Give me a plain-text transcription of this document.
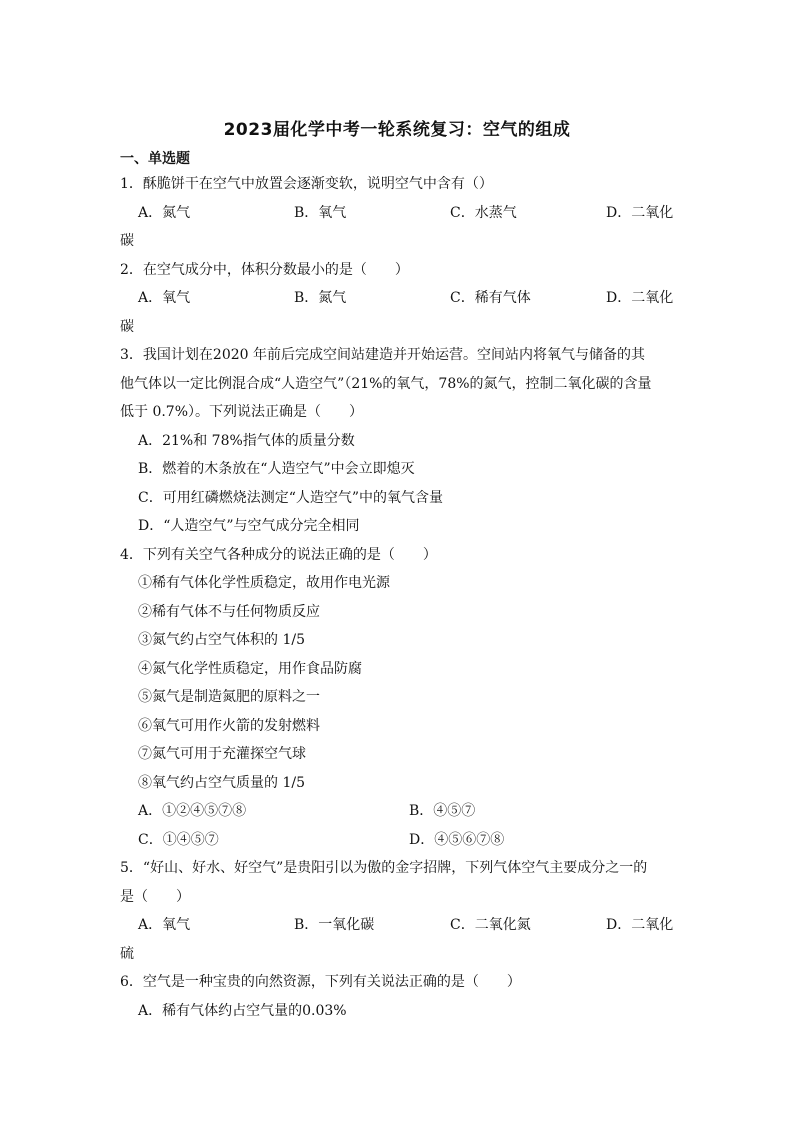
2023届化学中考一轮系统复习：空气的组成
一、单选题
1．酥脆饼干在空气中放置会逐渐变软，说明空气中含有（）
A．氮气	B．氧气	C．水蒸气	D．二氧化
碳
2．在空气成分中，体积分数最小的是（　　）
A．氧气	B．氮气	C．稀有气体	D．二氧化
碳
3．我国计划在2020 年前后完成空间站建造并开始运营。空间站内将氧气与储备的其
他气体以一定比例混合成“人造空气”（21%的氧气，78%的氮气，控制二氧化碳的含量
低于 0.7%）。下列说法正确是（　　）
A．21%和 78%指气体的质量分数
B．燃着的木条放在“人造空气”中会立即熄灭
C．可用红磷燃烧法测定“人造空气”中的氧气含量
D．“人造空气”与空气成分完全相同
4．下列有关空气各种成分的说法正确的是（　　）
①稀有气体化学性质稳定，故用作电光源
②稀有气体不与任何物质反应
③氮气约占空气体积的 1/5
④氮气化学性质稳定，用作食品防腐
⑤氮气是制造氮肥的原料之一
⑥氧气可用作火箭的发射燃料
⑦氮气可用于充灌探空气球
⑧氧气约占空气质量的 1/5
A．①②④⑤⑦⑧	B．④⑤⑦
C．①④⑤⑦	D．④⑤⑥⑦⑧
5．“好山、好水、好空气”是贵阳引以为傲的金字招牌，下列气体空气主要成分之一的
是（　　）
A．氧气	B．一氧化碳	C．二氧化氮	D．二氧化
硫
6．空气是一种宝贵的向然资源，下列有关说法正确的是（　　）
A．稀有气体约占空气量的0.03%
